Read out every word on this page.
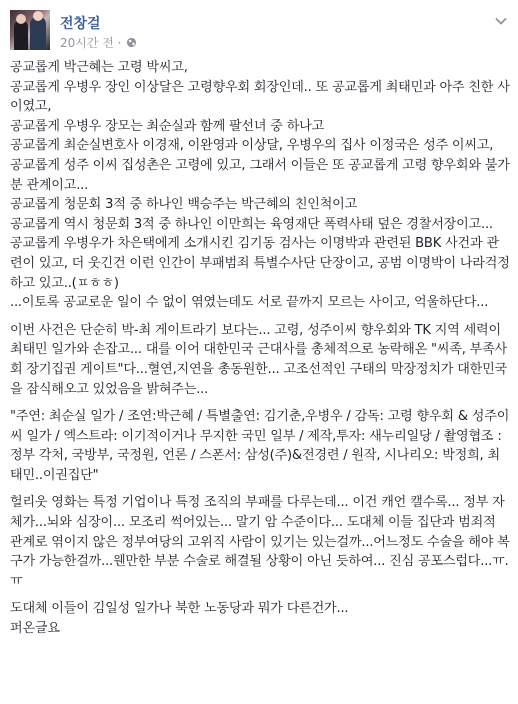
전창걸
20시간 전 ·

공교롭게 박근혜는 고령 박씨고,
공교롭게 우병우 장인 이상달은 고령향우회 회장인데.. 또 공교롭게 최태민과 아주 친한 사이였고,
공교롭게 우병우 장모는 최순실과 함께 팔선녀 중 하나고
공교롭게 최순실변호사 이경재, 이완영과 이상달, 우병우의 집사 이정국은 성주 이씨고,
공교롭게 성주 이씨 집성촌은 고령에 있고, 그래서 이들은 또 공교롭게 고령 향우회와 불가분 관계이고...
공교롭게 청문회 3적 중 하나인 백승주는 박근혜의 친인척이고
공교롭게 역시 청문회 3적 중 하나인 이만희는 육영재단 폭력사태 덮은 경찰서장이고...
공교롭게 우병우가 차은택에게 소개시킨 김기동 검사는 이명박과 관련된 BBK 사건과 관련이 있고, 더 웃긴건 이런 인간이 부패범죄 특별수사단 단장이고, 공범 이명박이 나라걱정하고 있고..(ㅍㅎㅎ)
...이토록 공교로운 일이 수 없이 엮였는데도 서로 끝까지 모르는 사이고, 억울하단다...

이번 사건은 단순히 박-최 게이트라기 보다는... 고령, 성주이씨 향우회와 TK 지역 세력이 최태민 일가와 손잡고... 대를 이어 대한민국 근대사를 총체적으로 농락해온 "씨족, 부족사회 장기집권 게이트"다...혈연,지연을 총동원한... 고조선적인 구태의 막장정치가 대한민국을 잠식해오고 있었음을 밝혀주는...

"주연: 최순실 일가 / 조연:박근혜 / 특별출연: 김기춘,우병우 / 감독: 고령 향우회 & 성주이씨 일가 / 엑스트라: 이기적이거나 무지한 국민 일부 / 제작,투자: 새누리일당 / 촬영협조 :정부 각처, 국방부, 국정원, 언론 / 스폰서: 삼성(주)&전경련 / 원작, 시나리오: 박정희, 최태민..이권집단"

헐리웃 영화는 특정 기업이나 특정 조직의 부패를 다루는데... 이건 캐언 캘수록... 정부 자체가...뇌와 심장이... 모조리 썩어있는... 말기 암 수준이다... 도대체 이들 집단과 범죄적 관계로 엮이지 않은 정부여당의 고위직 사람이 있기는 있는걸까...어느정도 수술을 해야 복구가 가능한걸까...웬만한 부분 수술로 해결될 상황이 아닌 듯하여... 진심 공포스럽다...ㅠ.ㅠ

도대체 이들이 김일성 일가나 북한 노동당과 뭐가 다른건가...
퍼온글요
